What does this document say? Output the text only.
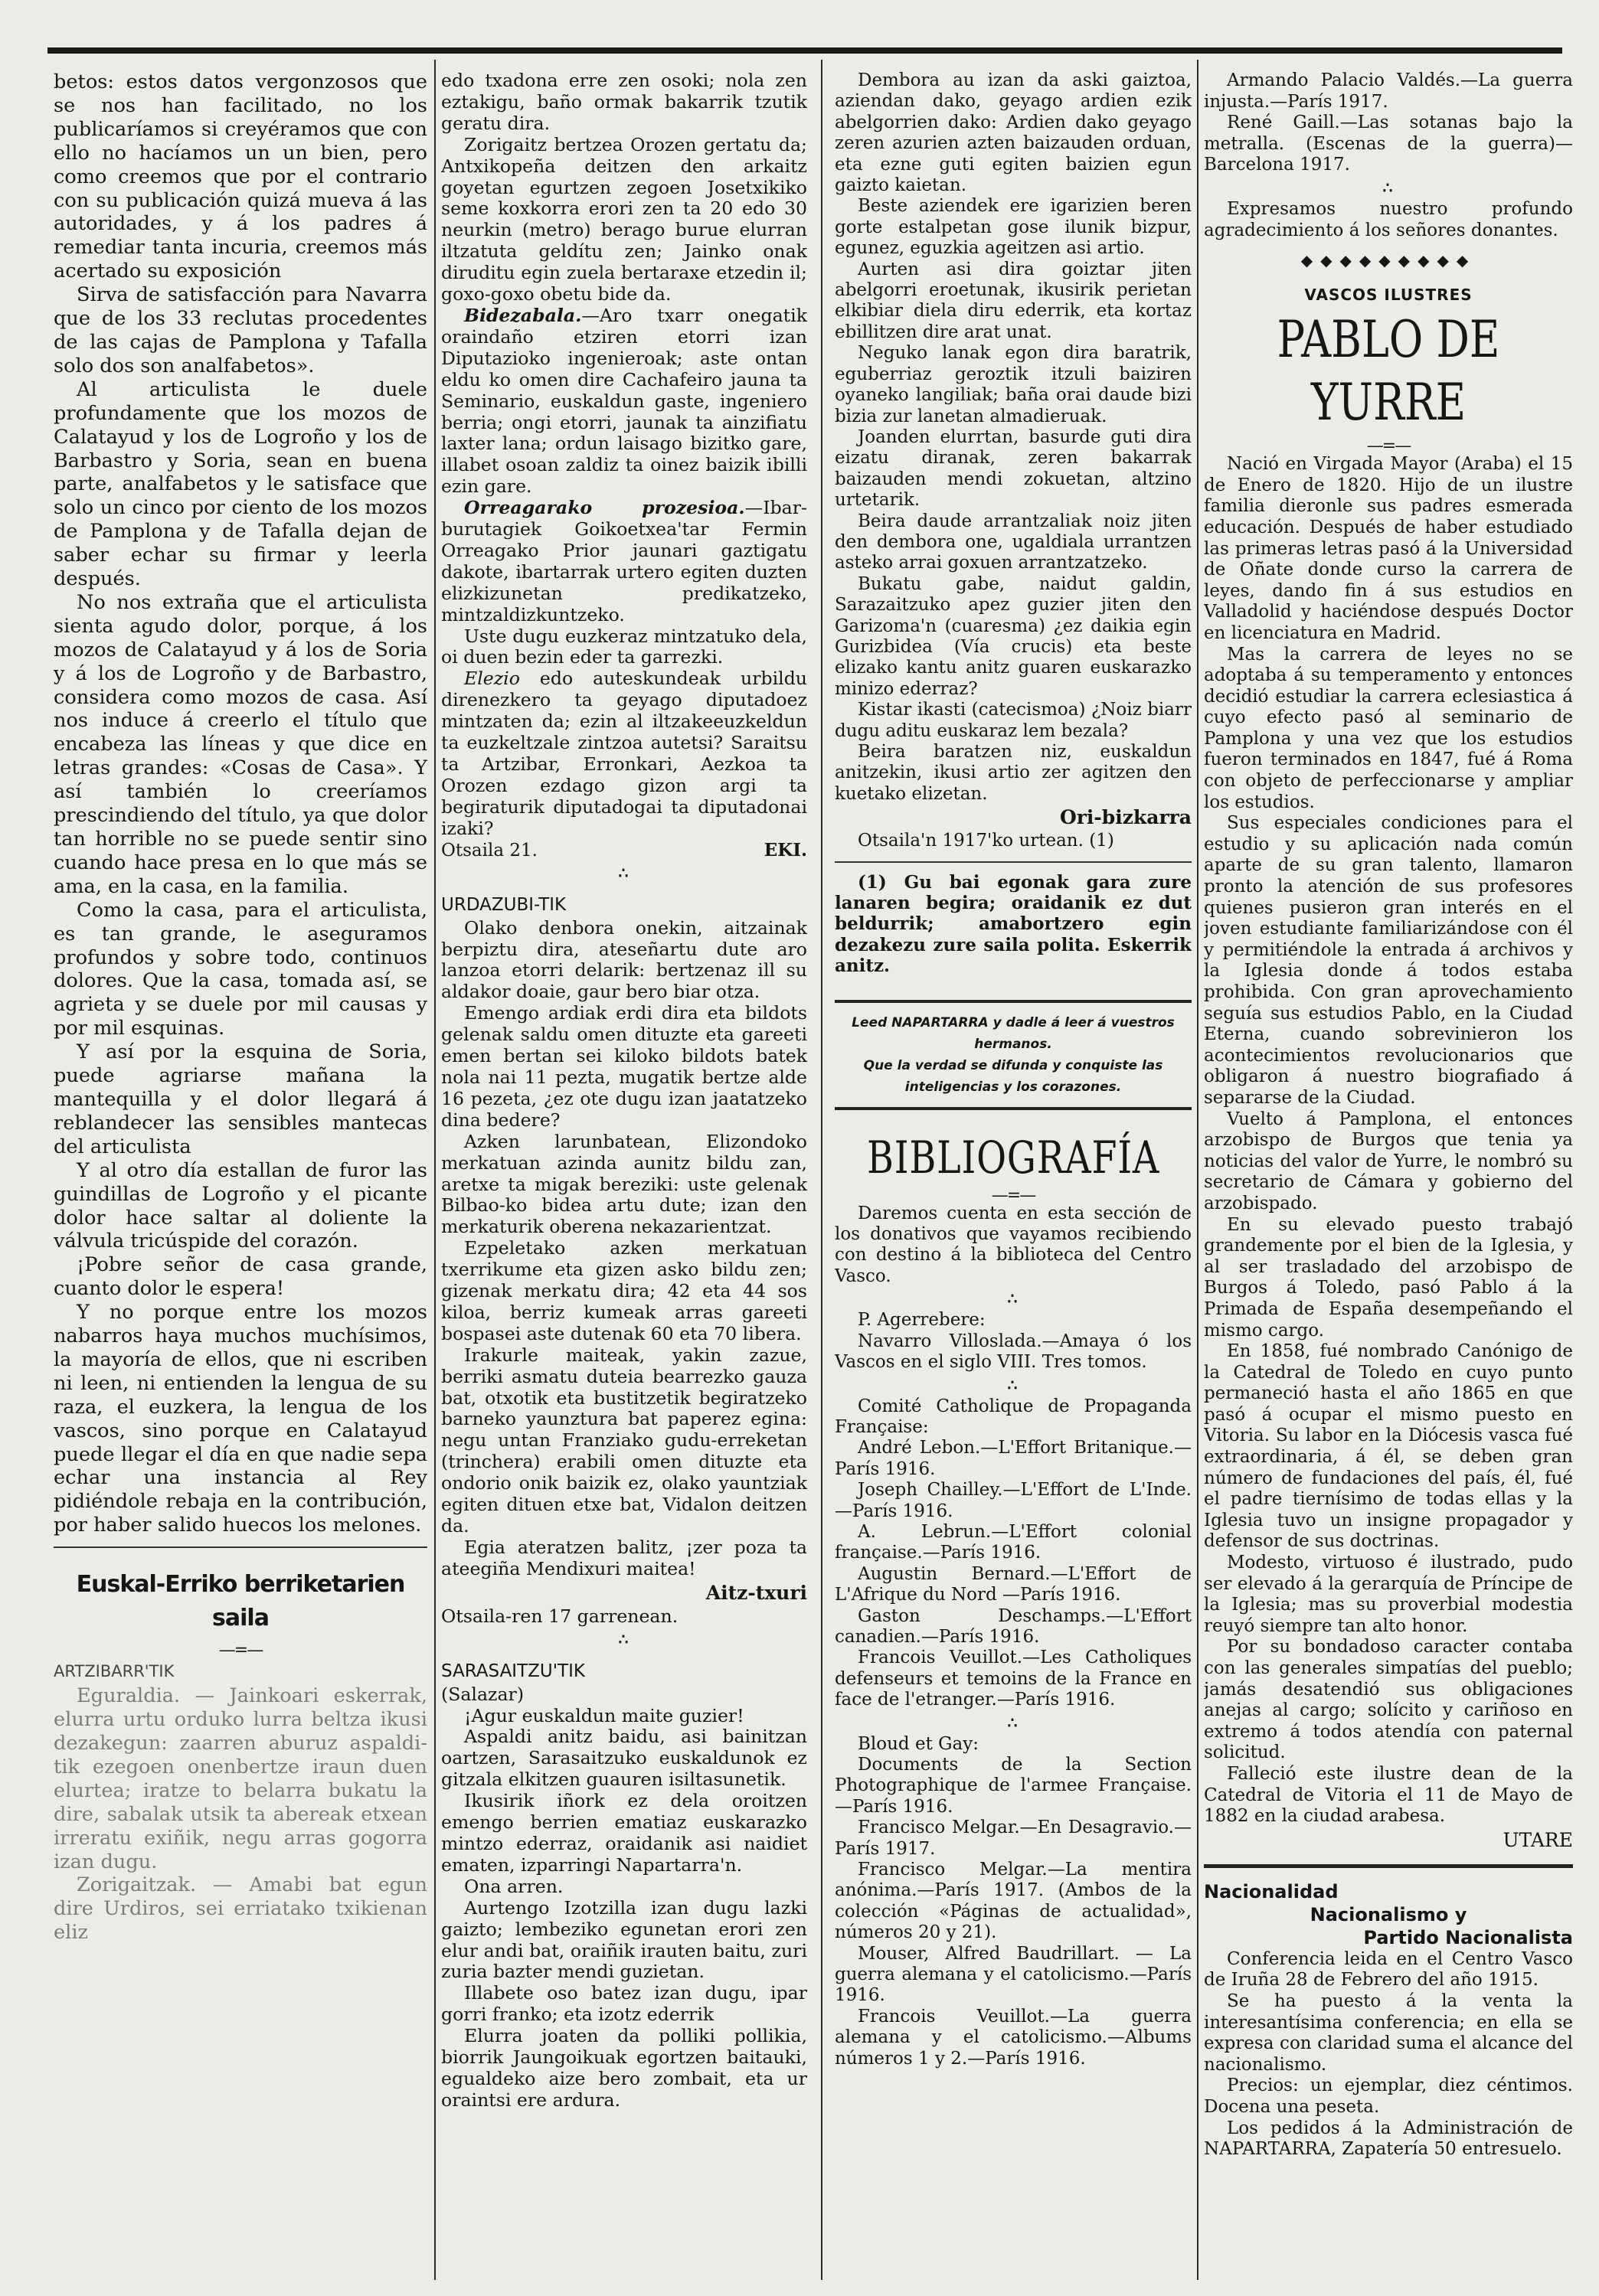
betos: estos datos vergonzosos que se nos han facilitado, no los publicaríamos si creyéramos que con ello no hacíamos un un bien, pero como creemos que por el contrario con su publicación quizá mueva á las autoridades, y á los padres á remediar tanta incuria, creemos más acertado su exposición

Sirva de satisfacción para Navarra que de los 33 reclutas procedentes de las cajas de Pamplona y Tafalla solo dos son analfabetos».

Al articulista le duele profundamente que los mozos de Calatayud y los de Logroño y los de Barbastro y Soria, sean en buena parte, analfabetos y le satisface que solo un cinco por ciento de los mozos de Pamplona y de Tafalla dejan de saber echar su firmar y leerla después.

No nos extraña que el articulista sienta agudo dolor, porque, á los mozos de Calatayud y á los de Soria y á los de Logroño y de Barbastro, considera como mozos de casa. Así nos induce á creerlo el título que encabeza las líneas y que dice en letras grandes: «Cosas de Casa». Y así también lo creeríamos prescindiendo del título, ya que dolor tan horrible no se puede sentir sino cuando hace presa en lo que más se ama, en la casa, en la familia.

Como la casa, para el articulista, es tan grande, le aseguramos profundos y sobre todo, continuos dolores. Que la casa, tomada así, se agrieta y se duele por mil causas y por mil esquinas.

Y así por la esquina de Soria, puede agriarse mañana la mantequilla y el dolor llegará á reblandecer las sensibles mantecas del articulista

Y al otro día estallan de furor las guindillas de Logroño y el picante dolor hace saltar al doliente la válvula tricúspide del corazón.

¡Pobre señor de casa grande, cuanto dolor le espera!

Y no porque entre los mozos nabarros haya muchos muchísimos, la mayoría de ellos, que ni escriben ni leen, ni entienden la lengua de su raza, el euzkera, la lengua de los vascos, sino porque en Calatayud puede llegar el día en que nadie sepa echar una instancia al Rey pidiéndole rebaja en la contribución, por haber salido huecos los melones.

Euskal-Erriko berriketarien saila
—=—
ARTZIBARR'TIK

Eguraldia. — Jainkoari eskerrak, elurra urtu orduko lurra beltza ikusi dezakegun: zaarren aburuz aspaldi-tik ezegoen onenbertze iraun duen elurtea; iratze to belarra bukatu la dire, sabalak utsik ta abereak etxean irreratu exiñik, negu arras gogorra izan dugu.

Zorigaitzak. — Amabi bat egun dire Urdiros, sei erriatako txikienan eliz

edo txadona erre zen osoki; nola zen eztakigu, baño ormak bakarrik tzutik geratu dira.

Zorigaitz bertzea Orozen gertatu da; Antxikopeña deitzen den arkaitz goyetan egurtzen zegoen Josetxikiko seme koxkorra erori zen ta 20 edo 30 neurkin (metro) berago burue elurran iltzatuta geldítu zen; Jainko onak diruditu egin zuela bertaraxe etzedin il; goxo-goxo obetu bide da.

Bidezabala.—Aro txarr onegatik oraindaño etziren etorri izan Diputazioko ingenieroak; aste ontan eldu ko omen dire Cachafeiro jauna ta Seminario, euskaldun gaste, ingeniero berria; ongi etorri, jaunak ta ainzifiatu laxter lana; ordun laisago bizitko gare, illabet osoan zaldiz ta oinez baizik ibilli ezin gare.

Orreagarako prozesioa.—Ibar-burutagiek Goikoetxea'tar Fermin Orreagako Prior jaunari gaztigatu dakote, ibartarrak urtero egiten duzten elizkizunetan predikatzeko, mintzaldizkuntzeko.

Uste dugu euzkeraz mintzatuko dela, oi duen bezin eder ta garrezki.

Elezio edo auteskundeak urbildu direnezkero ta geyago diputadoez mintzaten da; ezin al iltzakeeuzkeldun ta euzkeltzale zintzoa autetsi? Saraitsu ta Artzibar, Erronkari, Aezkoa ta Orozen ezdago gizon argi ta begiraturik diputadogai ta diputadonai izaki?

Otsaila 21.	EKI.
∴
URDAZUBI-TIK

Olako denbora onekin, aitzainak berpiztu dira, ateseñartu dute aro lanzoa etorri delarik: bertzenaz ill su aldakor doaie, gaur bero biar otza.

Emengo ardiak erdi dira eta bildots gelenak saldu omen dituzte eta gareeti emen bertan sei kiloko bildots batek nola nai 11 pezta, mugatik bertze alde 16 pezeta, ¿ez ote dugu izan jaatatzeko dina bedere?

Azken larunbatean, Elizondoko merkatuan azinda aunitz bildu zan, aretxe ta migak bereziki: uste gelenak Bilbao-ko bidea artu dute; izan den merkaturik oberena nekazarientzat.

Ezpeletako azken merkatuan txerrikume eta gizen asko bildu zen; gizenak merkatu dira; 42 eta 44 sos kiloa, berriz kumeak arras gareeti bospasei aste dutenak 60 eta 70 libera.

Irakurle maiteak, yakin zazue, berriki asmatu duteia bearrezko gauza bat, otxotik eta bustitzetik begiratzeko barneko yaunztura bat paperez egina: negu untan Franziako gudu-erreketan (trinchera) erabili omen dituzte eta ondorio onik baizik ez, olako yauntziak egiten dituen etxe bat, Vidalon deitzen da.

Egia ateratzen balitz, ¡zer poza ta ateegiña Mendixuri maitea!

Aitz-txuri

Otsaila-ren 17 garrenean.

∴
SARASAITZU'TIK

(Salazar)

¡Agur euskaldun maite guzier!

Aspaldi anitz baidu, asi bainitzan oartzen, Sarasaitzuko euskaldunok ez gitzala elkitzen guauren isiltasunetik.

Ikusirik iñork ez dela oroitzen emengo berrien ematiaz euskarazko mintzo ederraz, oraidanik asi naidiet ematen, izparringi Napartarra'n.

Ona arren.

Aurtengo Izotzilla izan dugu lazki gaizto; lembeziko egunetan erori zen elur andi bat, oraiñik irauten baitu, zuri zuria bazter mendi guzietan.

Illabete oso batez izan dugu, ipar gorri franko; eta izotz ederrik

Elurra joaten da polliki pollikia, biorrik Jaungoikuak egortzen baitauki, egualdeko aize bero zombait, eta ur oraintsi ere ardura.

Dembora au izan da aski gaiztoa, aziendan dako, geyago ardien ezik abelgorrien dako: Ardien dako geyago zeren azurien azten baizauden orduan, eta ezne guti egiten baizien egun gaizto kaietan.

Beste aziendek ere igarizien beren gorte estalpetan gose ilunik bizpur, egunez, eguzkia ageitzen asi artio.

Aurten asi dira goiztar jiten abelgorri eroetunak, ikusirik perietan elkibiar diela diru ederrik, eta kortaz ebillitzen dire arat unat.

Neguko lanak egon dira baratrik, eguberriaz geroztik itzuli baiziren oyaneko langiliak; baña orai daude bizi bizia zur lanetan almadieruak.

Joanden elurrtan, basurde guti dira eizatu diranak, zeren bakarrak baizauden mendi zokuetan, altzino urtetarik.

Beira daude arrantzaliak noiz jiten den dembora one, ugaldiala urrantzen asteko arrai goxuen arrantzatzeko.

Bukatu gabe, naidut galdin, Sarazaitzuko apez guzier jiten den Garizoma'n (cuaresma) ¿ez daikia egin Gurizbidea (Vía crucis) eta beste elizako kantu anitz guaren euskarazko minizo ederraz?

Kistar ikasti (catecismoa) ¿Noiz biarr dugu aditu euskaraz lem bezala?

Beira baratzen niz, euskaldun anitzekin, ikusi artio zer agitzen den kuetako elizetan.

Ori-bizkarra

Otsaila'n 1917'ko urtean. (1)

(1) Gu bai egonak gara zure lanaren begira; oraidanik ez dut beldurrik; amabortzero egin dezakezu zure saila polita. Eskerrik anitz.

Leed NAPARTARRA y dadle á leer á vuestros hermanos.
Que la verdad se difunda y conquiste las inteligencias y los corazones.
BIBLIOGRAFÍA
—=—

Daremos cuenta en esta sección de los donativos que vayamos recibiendo con destino á la biblioteca del Centro Vasco.

∴

P. Agerrebere:

Navarro Villoslada.—Amaya ó los Vascos en el siglo VIII. Tres tomos.

∴

Comité Catholique de Propaganda Française:

André Lebon.—L'Effort Britanique.—París 1916.

Joseph Chailley.—L'Effort de L'Inde.—París 1916.

A. Lebrun.—L'Effort colonial française.—París 1916.

Augustin Bernard.—L'Effort de L'Afrique du Nord —París 1916.

Gaston Deschamps.—L'Effort canadien.—París 1916.

Francois Veuillot.—Les Catholiques defenseurs et temoins de la France en face de l'etranger.—París 1916.

∴

Bloud et Gay:

Documents de la Section Photographique de l'armee Française.—París 1916.

Francisco Melgar.—En Desagravio.—París 1917.

Francisco Melgar.—La mentira anónima.—París 1917. (Ambos de la colección «Páginas de actualidad», números 20 y 21).

Mouser, Alfred Baudrillart. — La guerra alemana y el catolicismo.—París 1916.

Francois Veuillot.—La guerra alemana y el catolicismo.—Albums números 1 y 2.—París 1916.

Armando Palacio Valdés.—La guerra injusta.—París 1917.

René Gaill.—Las sotanas bajo la metralla. (Escenas de la guerra)—Barcelona 1917.

∴

Expresamos nuestro profundo agradecimiento á los señores donantes.

◆◆◆◆◆◆◆◆◆
VASCOS ILUSTRES
PABLO DE YURRE
—=—

Nació en Virgada Mayor (Araba) el 15 de Enero de 1820. Hijo de un ilustre familia dieronle sus padres esmerada educación. Después de haber estudiado las primeras letras pasó á la Universidad de Oñate donde curso la carrera de leyes, dando fin á sus estudios en Valladolid y haciéndose después Doctor en licenciatura en Madrid.

Mas la carrera de leyes no se adoptaba á su temperamento y entonces decidió estudiar la carrera eclesiastica á cuyo efecto pasó al seminario de Pamplona y una vez que los estudios fueron terminados en 1847, fué á Roma con objeto de perfeccionarse y ampliar los estudios.

Sus especiales condiciones para el estudio y su aplicación nada común aparte de su gran talento, llamaron pronto la atención de sus profesores quienes pusieron gran interés en el joven estudiante familiarizándose con él y permitiéndole la entrada á archivos y la Iglesia donde á todos estaba prohibida. Con gran aprovechamiento seguía sus estudios Pablo, en la Ciudad Eterna, cuando sobrevinieron los acontecimientos revolucionarios que obligaron á nuestro biografiado á separarse de la Ciudad.

Vuelto á Pamplona, el entonces arzobispo de Burgos que tenia ya noticias del valor de Yurre, le nombró su secretario de Cámara y gobierno del arzobispado.

En su elevado puesto trabajó grandemente por el bien de la Iglesia, y al ser trasladado del arzobispo de Burgos á Toledo, pasó Pablo á la Primada de España desempeñando el mismo cargo.

En 1858, fué nombrado Canónigo de la Catedral de Toledo en cuyo punto permaneció hasta el año 1865 en que pasó á ocupar el mismo puesto en Vitoria. Su labor en la Diócesis vasca fué extraordinaria, á él, se deben gran número de fundaciones del país, él, fué el padre tiernísimo de todas ellas y la Iglesia tuvo un insigne propagador y defensor de sus doctrinas.

Modesto, virtuoso é ilustrado, pudo ser elevado á la gerarquía de Príncipe de la Iglesia; mas su proverbial modestia reuyó siempre tan alto honor.

Por su bondadoso caracter contaba con las generales simpatías del pueblo; jamás desatendió sus obligaciones anejas al cargo; solícito y cariñoso en extremo á todos atendía con paternal solicitud.

Falleció este ilustre dean de la Catedral de Vitoria el 11 de Mayo de 1882 en la ciudad arabesa.

UTARE
Nacionalidad
Nacionalismo y
Partido Nacionalista

Conferencia leida en el Centro Vasco de Iruña 28 de Febrero del año 1915.

Se ha puesto á la venta la interesantísima conferencia; en ella se expresa con claridad suma el alcance del nacionalismo.

Precios: un ejemplar, diez céntimos. Docena una peseta.

Los pedidos á la Administración de NAPARTARRA, Zapatería 50 entresuelo.
